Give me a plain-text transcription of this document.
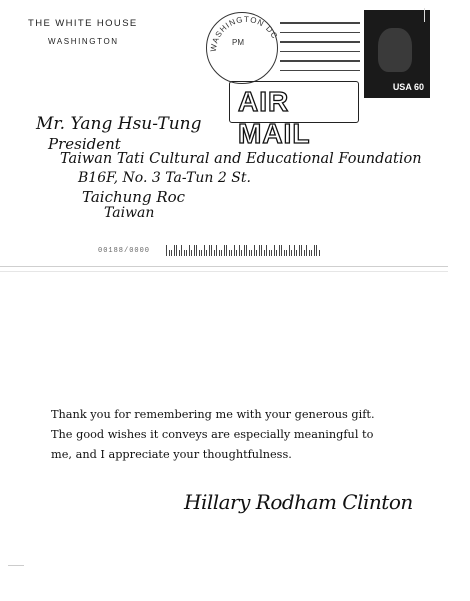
THE WHITE HOUSE
WASHINGTON	PM
WASHINGTON DC
USA 60
AIR MAIL
Mr. Yang Hsu-Tung
President
Taiwan Tati Cultural and Educational Foundation
B16F, No. 3 Ta-Tun 2 St.
Taichung Roc
Taiwan
00188/0000

Thank you for remembering me with your generous gift.

The good wishes it conveys are especially meaningful to

me, and I appreciate your thoughtfulness.

Hillary Rodham Clinton
